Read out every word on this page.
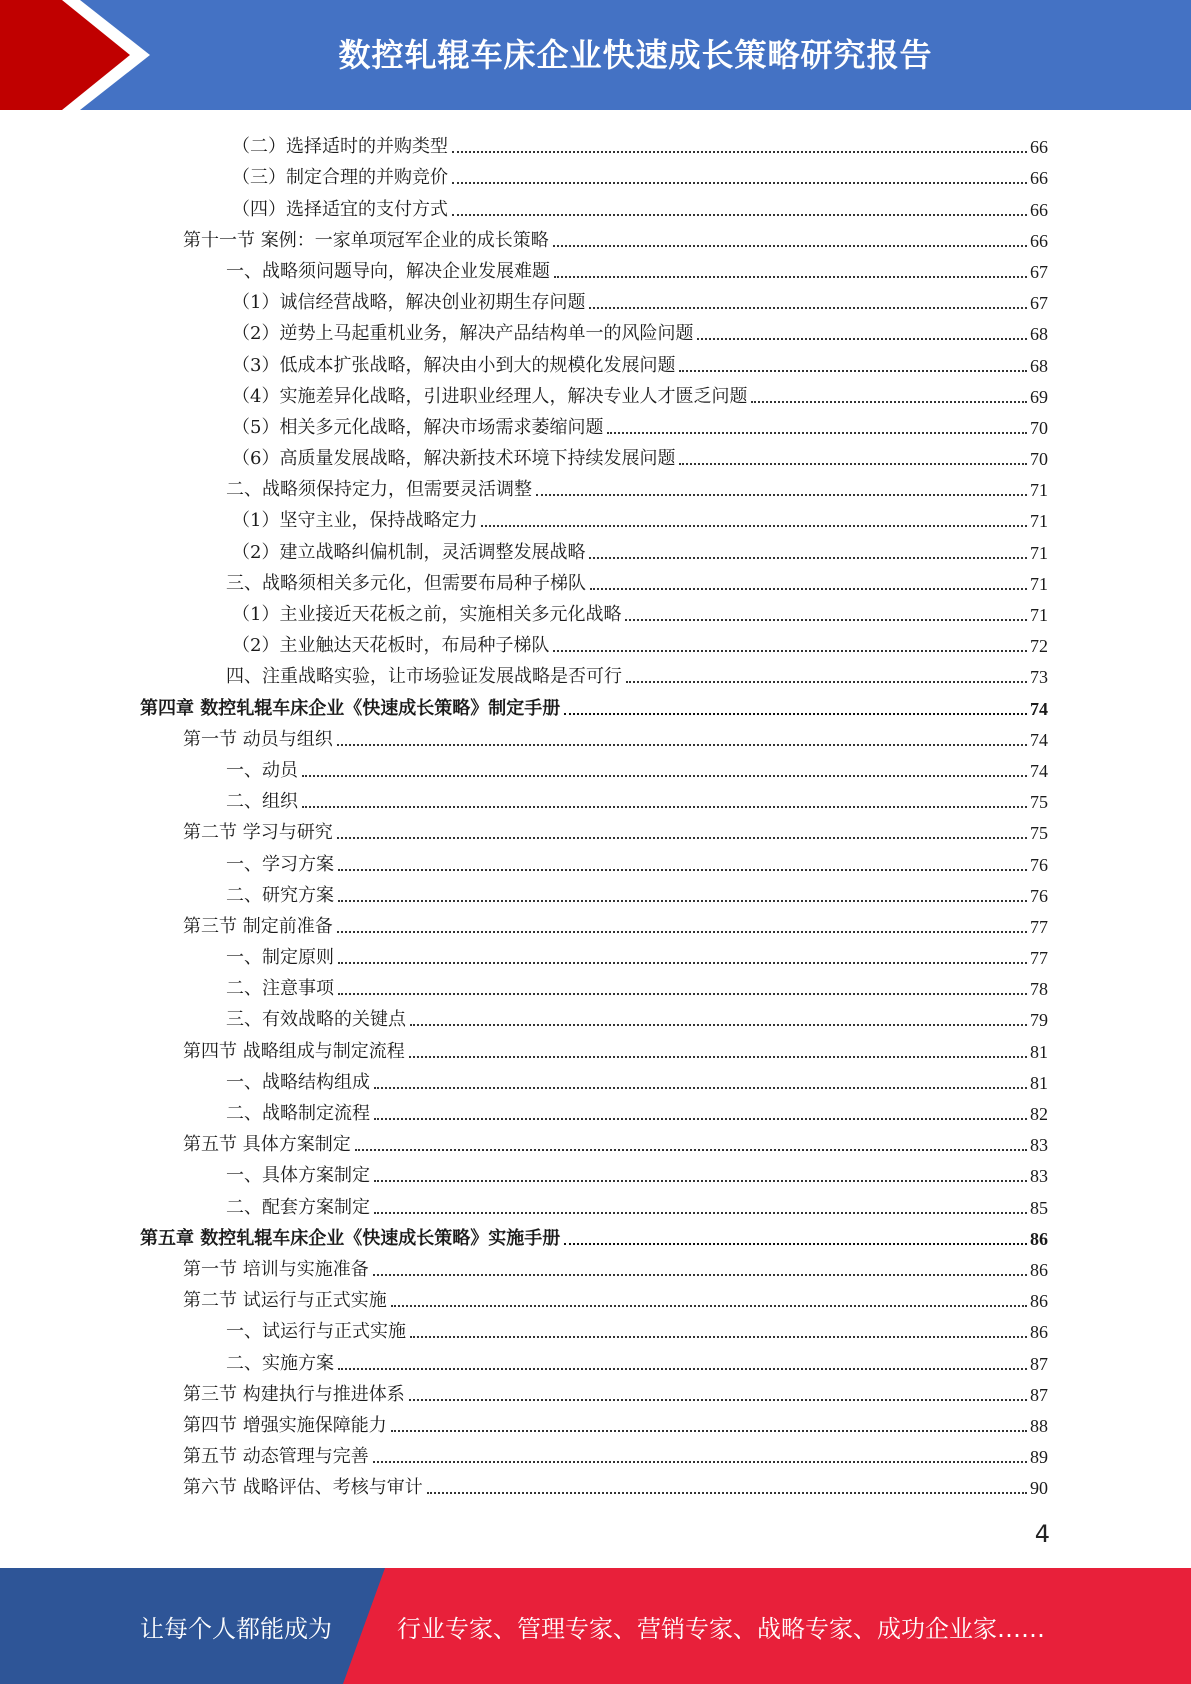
数控轧辊车床企业快速成长策略研究报告
（二）选择适时的并购类型	66
（三）制定合理的并购竞价	66
（四）选择适宜的支付方式	66
第十一节 案例：一家单项冠军企业的成长策略	66
一、战略须问题导向，解决企业发展难题	67
（1）诚信经营战略，解决创业初期生存问题	67
（2）逆势上马起重机业务，解决产品结构单一的风险问题	68
（3）低成本扩张战略，解决由小到大的规模化发展问题	68
（4）实施差异化战略，引进职业经理人，解决专业人才匮乏问题	69
（5）相关多元化战略，解决市场需求萎缩问题	70
（6）高质量发展战略，解决新技术环境下持续发展问题	70
二、战略须保持定力，但需要灵活调整	71
（1）坚守主业，保持战略定力	71
（2）建立战略纠偏机制，灵活调整发展战略	71
三、战略须相关多元化，但需要布局种子梯队	71
（1）主业接近天花板之前，实施相关多元化战略	71
（2）主业触达天花板时，布局种子梯队	72
四、注重战略实验，让市场验证发展战略是否可行	73
第四章 数控轧辊车床企业《快速成长策略》制定手册	74
第一节 动员与组织	74
一、动员	74
二、组织	75
第二节 学习与研究	75
一、学习方案	76
二、研究方案	76
第三节 制定前准备	77
一、制定原则	77
二、注意事项	78
三、有效战略的关键点	79
第四节 战略组成与制定流程	81
一、战略结构组成	81
二、战略制定流程	82
第五节 具体方案制定	83
一、具体方案制定	83
二、配套方案制定	85
第五章 数控轧辊车床企业《快速成长策略》实施手册	86
第一节 培训与实施准备	86
第二节 试运行与正式实施	86
一、试运行与正式实施	86
二、实施方案	87
第三节 构建执行与推进体系	87
第四节 增强实施保障能力	88
第五节 动态管理与完善	89
第六节 战略评估、考核与审计	90
4
让每个人都能成为	行业专家、管理专家、营销专家、战略专家、成功企业家……
